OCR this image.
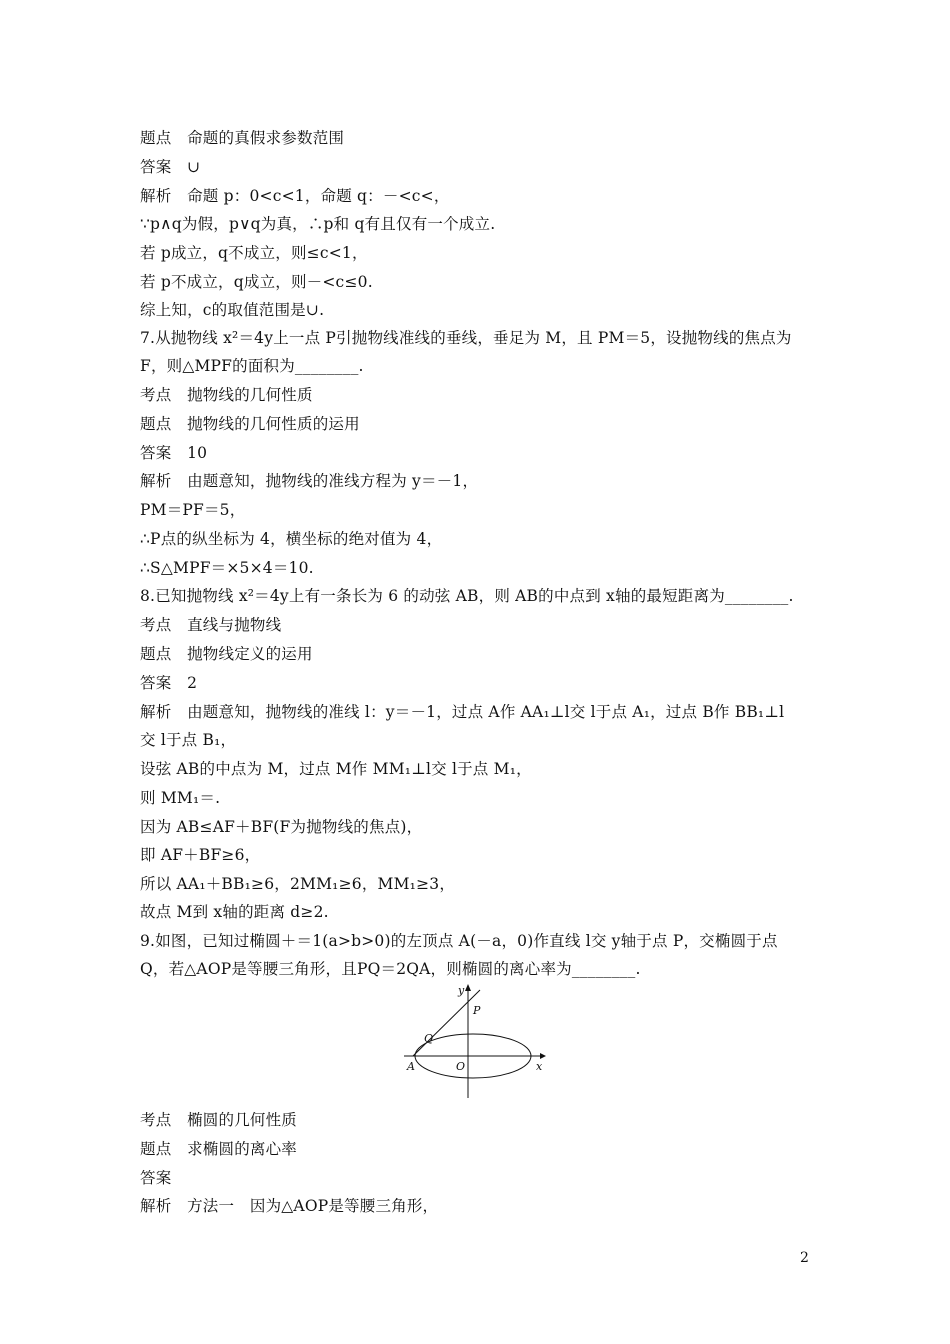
题点　命题的真假求参数范围
答案　∪
解析　命题 p：0<c<1，命题 q：－<c<，
∵p∧q为假，p∨q为真，∴p和 q有且仅有一个成立.
若 p成立，q不成立，则≤c<1，
若 p不成立，q成立，则－<c≤0.
综上知，c的取值范围是∪.
7.从抛物线 x²＝4y上一点 P引抛物线准线的垂线，垂足为 M，且 PM＝5，设抛物线的焦点为
F，则△MPF的面积为________.
考点　抛物线的几何性质
题点　抛物线的几何性质的运用
答案　10
解析　由题意知，抛物线的准线方程为 y＝－1，
PM＝PF＝5，
∴P点的纵坐标为 4，横坐标的绝对值为 4，
∴S△MPF＝×5×4＝10.
8.已知抛物线 x²＝4y上有一条长为 6 的动弦 AB，则 AB的中点到 x轴的最短距离为________.
考点　直线与抛物线
题点　抛物线定义的运用
答案　2
解析　由题意知，抛物线的准线 l：y＝－1，过点 A作 AA₁⊥l交 l于点 A₁，过点 B作 BB₁⊥l
交 l于点 B₁，
设弦 AB的中点为 M，过点 M作 MM₁⊥l交 l于点 M₁，
则 MM₁＝.
因为 AB≤AF＋BF(F为抛物线的焦点)，
即 AF＋BF≥6，
所以 AA₁＋BB₁≥6，2MM₁≥6，MM₁≥3，
故点 M到 x轴的距离 d≥2.
9.如图，已知过椭圆＋＝1(a>b>0)的左顶点 A(－a，0)作直线 l交 y轴于点 P，交椭圆于点
Q，若△AOP是等腰三角形，且PQ＝2QA，则椭圆的离心率为________.
考点　椭圆的几何性质
题点　求椭圆的离心率
答案
解析　方法一　因为△AOP是等腰三角形，
y
P
Q
A	O	x
2
